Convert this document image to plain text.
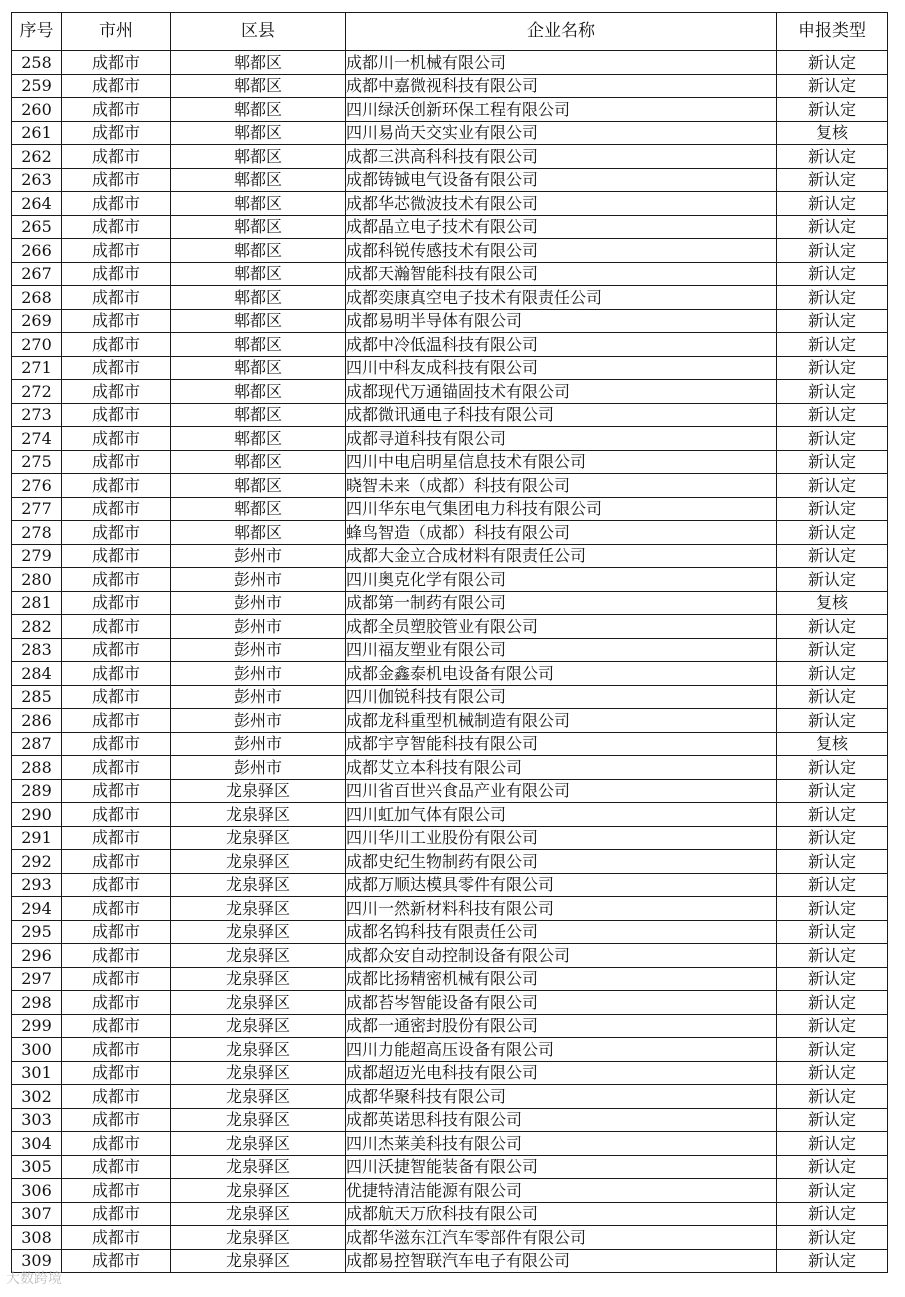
序号	市州	区县	企业名称	申报类型
258	成都市	郫都区	成都川一机械有限公司	新认定
259	成都市	郫都区	成都中嘉微视科技有限公司	新认定
260	成都市	郫都区	四川绿沃创新环保工程有限公司	新认定
261	成都市	郫都区	四川易尚天交实业有限公司	复核
262	成都市	郫都区	成都三洪高科科技有限公司	新认定
263	成都市	郫都区	成都铸铖电气设备有限公司	新认定
264	成都市	郫都区	成都华芯微波技术有限公司	新认定
265	成都市	郫都区	成都晶立电子技术有限公司	新认定
266	成都市	郫都区	成都科锐传感技术有限公司	新认定
267	成都市	郫都区	成都天瀚智能科技有限公司	新认定
268	成都市	郫都区	成都奕康真空电子技术有限责任公司	新认定
269	成都市	郫都区	成都易明半导体有限公司	新认定
270	成都市	郫都区	成都中冷低温科技有限公司	新认定
271	成都市	郫都区	四川中科友成科技有限公司	新认定
272	成都市	郫都区	成都现代万通锚固技术有限公司	新认定
273	成都市	郫都区	成都微讯通电子科技有限公司	新认定
274	成都市	郫都区	成都寻道科技有限公司	新认定
275	成都市	郫都区	四川中电启明星信息技术有限公司	新认定
276	成都市	郫都区	晓智未来（成都）科技有限公司	新认定
277	成都市	郫都区	四川华东电气集团电力科技有限公司	新认定
278	成都市	郫都区	蜂鸟智造（成都）科技有限公司	新认定
279	成都市	彭州市	成都大金立合成材料有限责任公司	新认定
280	成都市	彭州市	四川奥克化学有限公司	新认定
281	成都市	彭州市	成都第一制药有限公司	复核
282	成都市	彭州市	成都全员塑胶管业有限公司	新认定
283	成都市	彭州市	四川福友塑业有限公司	新认定
284	成都市	彭州市	成都金鑫泰机电设备有限公司	新认定
285	成都市	彭州市	四川伽锐科技有限公司	新认定
286	成都市	彭州市	成都龙科重型机械制造有限公司	新认定
287	成都市	彭州市	成都宇亨智能科技有限公司	复核
288	成都市	彭州市	成都艾立本科技有限公司	新认定
289	成都市	龙泉驿区	四川省百世兴食品产业有限公司	新认定
290	成都市	龙泉驿区	四川虹加气体有限公司	新认定
291	成都市	龙泉驿区	四川华川工业股份有限公司	新认定
292	成都市	龙泉驿区	成都史纪生物制药有限公司	新认定
293	成都市	龙泉驿区	成都万顺达模具零件有限公司	新认定
294	成都市	龙泉驿区	四川一然新材料科技有限公司	新认定
295	成都市	龙泉驿区	成都名钨科技有限责任公司	新认定
296	成都市	龙泉驿区	成都众安自动控制设备有限公司	新认定
297	成都市	龙泉驿区	成都比扬精密机械有限公司	新认定
298	成都市	龙泉驿区	成都苔岑智能设备有限公司	新认定
299	成都市	龙泉驿区	成都一通密封股份有限公司	新认定
300	成都市	龙泉驿区	四川力能超高压设备有限公司	新认定
301	成都市	龙泉驿区	成都超迈光电科技有限公司	新认定
302	成都市	龙泉驿区	成都华聚科技有限公司	新认定
303	成都市	龙泉驿区	成都英诺思科技有限公司	新认定
304	成都市	龙泉驿区	四川杰莱美科技有限公司	新认定
305	成都市	龙泉驿区	四川沃捷智能装备有限公司	新认定
306	成都市	龙泉驿区	优捷特清洁能源有限公司	新认定
307	成都市	龙泉驿区	成都航天万欣科技有限公司	新认定
308	成都市	龙泉驿区	成都华滋东江汽车零部件有限公司	新认定
309	成都市	龙泉驿区	成都易控智联汽车电子有限公司	新认定
大数跨境
